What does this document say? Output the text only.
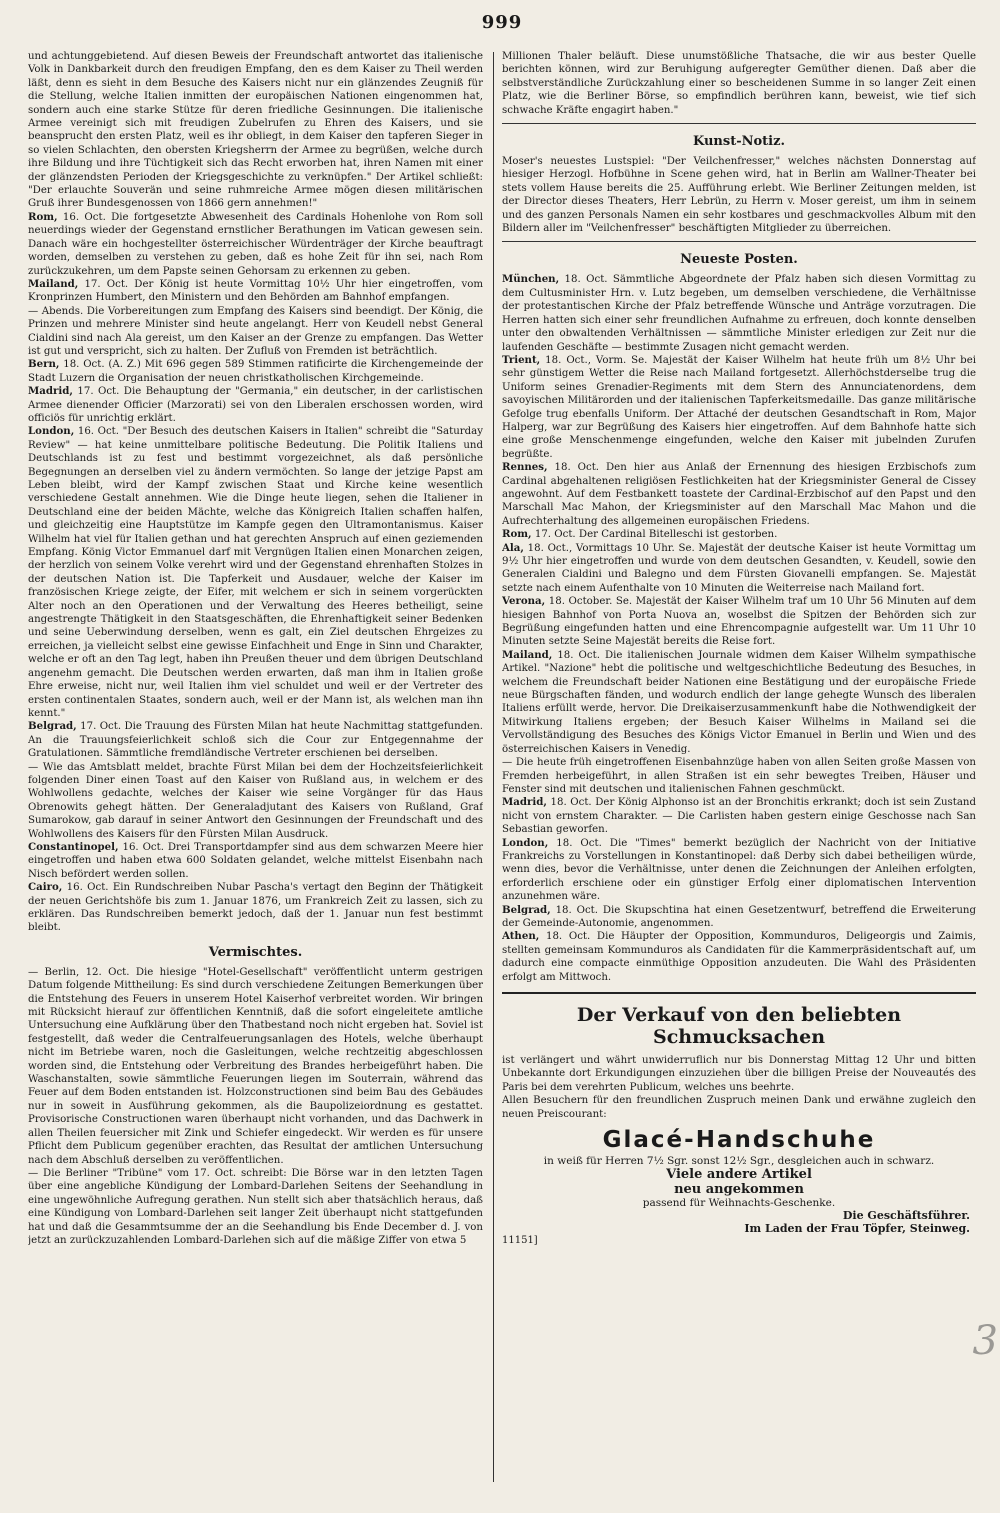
999

und achtunggebietend. Auf diesen Beweis der Freundschaft antwortet das italienische Volk in Dankbarkeit durch den freudigen Empfang, den es dem Kaiser zu Theil werden läßt, denn es sieht in dem Besuche des Kaisers nicht nur ein glänzendes Zeugniß für die Stellung, welche Italien inmitten der europäischen Nationen eingenommen hat, sondern auch eine starke Stütze für deren friedliche Gesinnungen. Die italienische Armee vereinigt sich mit freudigen Zubelrufen zu Ehren des Kaisers, und sie beansprucht den ersten Platz, weil es ihr obliegt, in dem Kaiser den tapferen Sieger in so vielen Schlachten, den obersten Kriegsherrn der Armee zu begrüßen, welche durch ihre Bildung und ihre Tüchtigkeit sich das Recht erworben hat, ihren Namen mit einer der glänzendsten Perioden der Kriegsgeschichte zu verknüpfen." Der Artikel schließt: "Der erlauchte Souverän und seine ruhmreiche Armee mögen diesen militärischen Gruß ihrer Bundesgenossen von 1866 gern annehmen!"

Rom, 16. Oct. Die fortgesetzte Abwesenheit des Cardinals Hohenlohe von Rom soll neuerdings wieder der Gegenstand ernstlicher Berathungen im Vatican gewesen sein. Danach wäre ein hochgestellter österreichischer Würdenträger der Kirche beauftragt worden, demselben zu verstehen zu geben, daß es hohe Zeit für ihn sei, nach Rom zurückzukehren, um dem Papste seinen Gehorsam zu erkennen zu geben.

Mailand, 17. Oct. Der König ist heute Vormittag 10½ Uhr hier eingetroffen, vom Kronprinzen Humbert, den Ministern und den Behörden am Bahnhof empfangen.

— Abends. Die Vorbereitungen zum Empfang des Kaisers sind beendigt. Der König, die Prinzen und mehrere Minister sind heute angelangt. Herr von Keudell nebst General Cialdini sind nach Ala gereist, um den Kaiser an der Grenze zu empfangen. Das Wetter ist gut und verspricht, sich zu halten. Der Zufluß von Fremden ist beträchtlich.

Bern, 18. Oct. (A. Z.) Mit 696 gegen 589 Stimmen ratificirte die Kirchengemeinde der Stadt Luzern die Organisation der neuen christkatholischen Kirchgemeinde.

Madrid, 17. Oct. Die Behauptung der "Germania," ein deutscher, in der carlistischen Armee dienender Officier (Marzorati) sei von den Liberalen erschossen worden, wird officiös für unrichtig erklärt.

London, 16. Oct. "Der Besuch des deutschen Kaisers in Italien" schreibt die "Saturday Review" — hat keine unmittelbare politische Bedeutung. Die Politik Italiens und Deutschlands ist zu fest und bestimmt vorgezeichnet, als daß persönliche Begegnungen an derselben viel zu ändern vermöchten. So lange der jetzige Papst am Leben bleibt, wird der Kampf zwischen Staat und Kirche keine wesentlich verschiedene Gestalt annehmen. Wie die Dinge heute liegen, sehen die Italiener in Deutschland eine der beiden Mächte, welche das Königreich Italien schaffen halfen, und gleichzeitig eine Hauptstütze im Kampfe gegen den Ultramontanismus. Kaiser Wilhelm hat viel für Italien gethan und hat gerechten Anspruch auf einen geziemenden Empfang. König Victor Emmanuel darf mit Vergnügen Italien einen Monarchen zeigen, der herzlich von seinem Volke verehrt wird und der Gegenstand ehrenhaften Stolzes in der deutschen Nation ist. Die Tapferkeit und Ausdauer, welche der Kaiser im französischen Kriege zeigte, der Eifer, mit welchem er sich in seinem vorgerückten Alter noch an den Operationen und der Verwaltung des Heeres betheiligt, seine angestrengte Thätigkeit in den Staatsgeschäften, die Ehrenhaftigkeit seiner Bedenken und seine Ueberwindung derselben, wenn es galt, ein Ziel deutschen Ehrgeizes zu erreichen, ja vielleicht selbst eine gewisse Einfachheit und Enge in Sinn und Charakter, welche er oft an den Tag legt, haben ihn Preußen theuer und dem übrigen Deutschland angenehm gemacht. Die Deutschen werden erwarten, daß man ihm in Italien große Ehre erweise, nicht nur, weil Italien ihm viel schuldet und weil er der Vertreter des ersten continentalen Staates, sondern auch, weil er der Mann ist, als welchen man ihn kennt."

Belgrad, 17. Oct. Die Trauung des Fürsten Milan hat heute Nachmittag stattgefunden. An die Trauungsfeierlichkeit schloß sich die Cour zur Entgegennahme der Gratulationen. Sämmtliche fremdländische Vertreter erschienen bei derselben.

— Wie das Amtsblatt meldet, brachte Fürst Milan bei dem der Hochzeitsfeierlichkeit folgenden Diner einen Toast auf den Kaiser von Rußland aus, in welchem er des Wohlwollens gedachte, welches der Kaiser wie seine Vorgänger für das Haus Obrenowits gehegt hätten. Der Generaladjutant des Kaisers von Rußland, Graf Sumarokow, gab darauf in seiner Antwort den Gesinnungen der Freundschaft und des Wohlwollens des Kaisers für den Fürsten Milan Ausdruck.

Constantinopel, 16. Oct. Drei Transportdampfer sind aus dem schwarzen Meere hier eingetroffen und haben etwa 600 Soldaten gelandet, welche mittelst Eisenbahn nach Nisch befördert werden sollen.

Cairo, 16. Oct. Ein Rundschreiben Nubar Pascha's vertagt den Beginn der Thätigkeit der neuen Gerichtshöfe bis zum 1. Januar 1876, um Frankreich Zeit zu lassen, sich zu erklären. Das Rundschreiben bemerkt jedoch, daß der 1. Januar nun fest bestimmt bleibt.

Vermischtes.

— Berlin, 12. Oct. Die hiesige "Hotel-Gesellschaft" veröffentlicht unterm gestrigen Datum folgende Mittheilung: Es sind durch verschiedene Zeitungen Bemerkungen über die Entstehung des Feuers in unserem Hotel Kaiserhof verbreitet worden. Wir bringen mit Rücksicht hierauf zur öffentlichen Kenntniß, daß die sofort eingeleitete amtliche Untersuchung eine Aufklärung über den Thatbestand noch nicht ergeben hat. Soviel ist festgestellt, daß weder die Centralfeuerungsanlagen des Hotels, welche überhaupt nicht im Betriebe waren, noch die Gasleitungen, welche rechtzeitig abgeschlossen worden sind, die Entstehung oder Verbreitung des Brandes herbeigeführt haben. Die Waschanstalten, sowie sämmtliche Feuerungen liegen im Souterrain, während das Feuer auf dem Boden entstanden ist. Holzconstructionen sind beim Bau des Gebäudes nur in soweit in Ausführung gekommen, als die Baupolizeiordnung es gestattet. Provisorische Constructionen waren überhaupt nicht vorhanden, und das Dachwerk in allen Theilen feuersicher mit Zink und Schiefer eingedeckt. Wir werden es für unsere Pflicht dem Publicum gegenüber erachten, das Resultat der amtlichen Untersuchung nach dem Abschluß derselben zu veröffentlichen.

— Die Berliner "Tribüne" vom 17. Oct. schreibt: Die Börse war in den letzten Tagen über eine angebliche Kündigung der Lombard-Darlehen Seitens der Seehandlung in eine ungewöhnliche Aufregung gerathen. Nun stellt sich aber thatsächlich heraus, daß eine Kündigung von Lombard-Darlehen seit langer Zeit überhaupt nicht stattgefunden hat und daß die Gesammtsumme der an die Seehandlung bis Ende December d. J. von jetzt an zurückzuzahlenden Lombard-Darlehen sich auf die mäßige Ziffer von etwa 5

Millionen Thaler beläuft. Diese unumstößliche Thatsache, die wir aus bester Quelle berichten können, wird zur Beruhigung aufgeregter Gemüther dienen. Daß aber die selbstverständliche Zurückzahlung einer so bescheidenen Summe in so langer Zeit einen Platz, wie die Berliner Börse, so empfindlich berühren kann, beweist, wie tief sich schwache Kräfte engagirt haben."

Kunst-Notiz.

Moser's neuestes Lustspiel: "Der Veilchenfresser," welches nächsten Donnerstag auf hiesiger Herzogl. Hofbühne in Scene gehen wird, hat in Berlin am Wallner-Theater bei stets vollem Hause bereits die 25. Aufführung erlebt. Wie Berliner Zeitungen melden, ist der Director dieses Theaters, Herr Lebrün, zu Herrn v. Moser gereist, um ihm in seinem und des ganzen Personals Namen ein sehr kostbares und geschmackvolles Album mit den Bildern aller im "Veilchenfresser" beschäftigten Mitglieder zu überreichen.

Neueste Posten.

München, 18. Oct. Sämmtliche Abgeordnete der Pfalz haben sich diesen Vormittag zu dem Cultusminister Hrn. v. Lutz begeben, um demselben verschiedene, die Verhältnisse der protestantischen Kirche der Pfalz betreffende Wünsche und Anträge vorzutragen. Die Herren hatten sich einer sehr freundlichen Aufnahme zu erfreuen, doch konnte denselben unter den obwaltenden Verhältnissen — sämmtliche Minister erledigen zur Zeit nur die laufenden Geschäfte — bestimmte Zusagen nicht gemacht werden.

Trient, 18. Oct., Vorm. Se. Majestät der Kaiser Wilhelm hat heute früh um 8½ Uhr bei sehr günstigem Wetter die Reise nach Mailand fortgesetzt. Allerhöchstderselbe trug die Uniform seines Grenadier-Regiments mit dem Stern des Annunciatenordens, dem savoyischen Militärorden und der italienischen Tapferkeitsmedaille. Das ganze militärische Gefolge trug ebenfalls Uniform. Der Attaché der deutschen Gesandtschaft in Rom, Major Halperg, war zur Begrüßung des Kaisers hier eingetroffen. Auf dem Bahnhofe hatte sich eine große Menschenmenge eingefunden, welche den Kaiser mit jubelnden Zurufen begrüßte.

Rennes, 18. Oct. Den hier aus Anlaß der Ernennung des hiesigen Erzbischofs zum Cardinal abgehaltenen religiösen Festlichkeiten hat der Kriegsminister General de Cissey angewohnt. Auf dem Festbankett toastete der Cardinal-Erzbischof auf den Papst und den Marschall Mac Mahon, der Kriegsminister auf den Marschall Mac Mahon und die Aufrechterhaltung des allgemeinen europäischen Friedens.

Rom, 17. Oct. Der Cardinal Bitelleschi ist gestorben.

Ala, 18. Oct., Vormittags 10 Uhr. Se. Majestät der deutsche Kaiser ist heute Vormittag um 9½ Uhr hier eingetroffen und wurde von dem deutschen Gesandten, v. Keudell, sowie den Generalen Cialdini und Balegno und dem Fürsten Giovanelli empfangen. Se. Majestät setzte nach einem Aufenthalte von 10 Minuten die Weiterreise nach Mailand fort.

Verona, 18. October. Se. Majestät der Kaiser Wilhelm traf um 10 Uhr 56 Minuten auf dem hiesigen Bahnhof von Porta Nuova an, woselbst die Spitzen der Behörden sich zur Begrüßung eingefunden hatten und eine Ehrencompagnie aufgestellt war. Um 11 Uhr 10 Minuten setzte Seine Majestät bereits die Reise fort.

Mailand, 18. Oct. Die italienischen Journale widmen dem Kaiser Wilhelm sympathische Artikel. "Nazione" hebt die politische und weltgeschichtliche Bedeutung des Besuches, in welchem die Freundschaft beider Nationen eine Bestätigung und der europäische Friede neue Bürgschaften fänden, und wodurch endlich der lange gehegte Wunsch des liberalen Italiens erfüllt werde, hervor. Die Dreikaiserzusammenkunft habe die Nothwendigkeit der Mitwirkung Italiens ergeben; der Besuch Kaiser Wilhelms in Mailand sei die Vervollständigung des Besuches des Königs Victor Emanuel in Berlin und Wien und des österreichischen Kaisers in Venedig.

— Die heute früh eingetroffenen Eisenbahnzüge haben von allen Seiten große Massen von Fremden herbeigeführt, in allen Straßen ist ein sehr bewegtes Treiben, Häuser und Fenster sind mit deutschen und italienischen Fahnen geschmückt.

Madrid, 18. Oct. Der König Alphonso ist an der Bronchitis erkrankt; doch ist sein Zustand nicht von ernstem Charakter. — Die Carlisten haben gestern einige Geschosse nach San Sebastian geworfen.

London, 18. Oct. Die "Times" bemerkt bezüglich der Nachricht von der Initiative Frankreichs zu Vorstellungen in Konstantinopel: daß Derby sich dabei betheiligen würde, wenn dies, bevor die Verhältnisse, unter denen die Zeichnungen der Anleihen erfolgten, erforderlich erschiene oder ein günstiger Erfolg einer diplomatischen Intervention anzunehmen wäre.

Belgrad, 18. Oct. Die Skupschtina hat einen Gesetzentwurf, betreffend die Erweiterung der Gemeinde-Autonomie, angenommen.

Athen, 18. Oct. Die Häupter der Opposition, Kommunduros, Deligeorgis und Zaimis, stellten gemeinsam Kommunduros als Candidaten für die Kammerpräsidentschaft auf, um dadurch eine compacte einmüthige Opposition anzudeuten. Die Wahl des Präsidenten erfolgt am Mittwoch.

Der Verkauf von den beliebten Schmucksachen

ist verlängert und währt unwiderruflich nur bis Donnerstag Mittag 12 Uhr und bitten Unbekannte dort Erkundigungen einzuziehen über die billigen Preise der Nouveautés des Paris bei dem verehrten Publicum, welches uns beehrte.

Allen Besuchern für den freundlichen Zuspruch meinen Dank und erwähne zugleich den neuen Preiscourant:

Glacé-Handschuhe
in weiß für Herren 7½ Sgr. sonst 12½ Sgr., desgleichen auch in schwarz.
Viele andere Artikel
neu angekommen
passend für Weihnachts-Geschenke.
Die Geschäftsführer.
Im Laden der Frau Töpfer, Steinweg.
11151]
3
